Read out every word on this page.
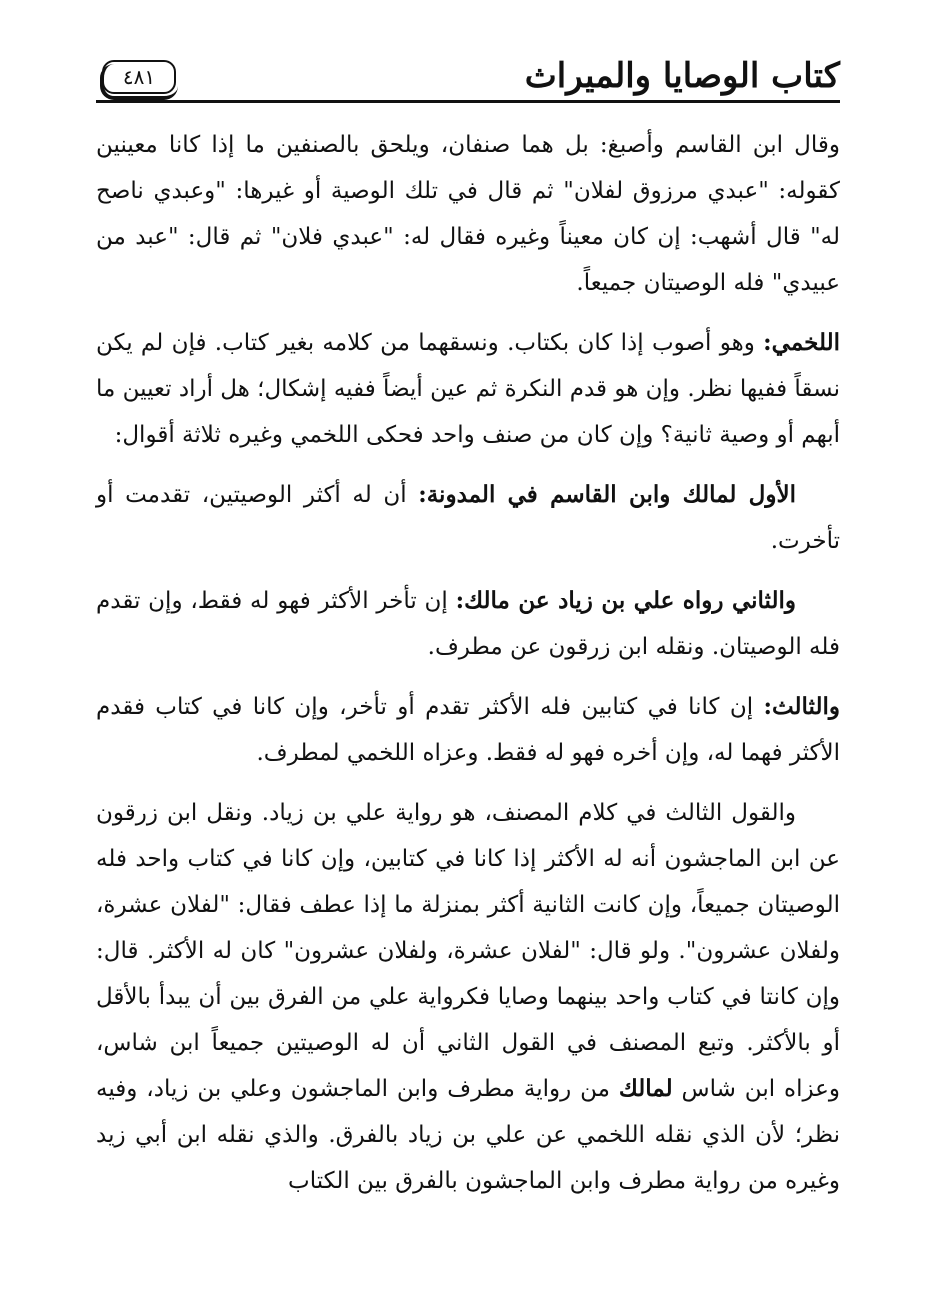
كتاب الوصايا والميراث
٤٨١

وقال ابن القاسم وأصبغ: بل هما صنفان، ويلحق بالصنفين ما إذا كانا معينين كقوله: "عبدي مرزوق لفلان" ثم قال في تلك الوصية أو غيرها: "وعبدي ناصح له" قال أشهب: إن كان معيناً وغيره فقال له: "عبدي فلان" ثم قال: "عبد من عبيدي" فله الوصيتان جميعاً.

اللخمي: وهو أصوب إذا كان بكتاب. ونسقهما من كلامه بغير كتاب. فإن لم يكن نسقاً ففيها نظر. وإن هو قدم النكرة ثم عين أيضاً ففيه إشكال؛ هل أراد تعيين ما أبهم أو وصية ثانية؟ وإن كان من صنف واحد فحكى اللخمي وغيره ثلاثة أقوال:

الأول لمالك وابن القاسم في المدونة: أن له أكثر الوصيتين، تقدمت أو تأخرت.

والثاني رواه علي بن زياد عن مالك: إن تأخر الأكثر فهو له فقط، وإن تقدم فله الوصيتان. ونقله ابن زرقون عن مطرف.

والثالث: إن كانا في كتابين فله الأكثر تقدم أو تأخر، وإن كانا في كتاب فقدم الأكثر فهما له، وإن أخره فهو له فقط. وعزاه اللخمي لمطرف.

والقول الثالث في كلام المصنف، هو رواية علي بن زياد. ونقل ابن زرقون عن ابن الماجشون أنه له الأكثر إذا كانا في كتابين، وإن كانا في كتاب واحد فله الوصيتان جميعاً، وإن كانت الثانية أكثر بمنزلة ما إذا عطف فقال: "لفلان عشرة، ولفلان عشرون". ولو قال: "لفلان عشرة، ولفلان عشرون" كان له الأكثر. قال: وإن كانتا في كتاب واحد بينهما وصايا فكرواية علي من الفرق بين أن يبدأ بالأقل أو بالأكثر. وتبع المصنف في القول الثاني أن له الوصيتين جميعاً ابن شاس، وعزاه ابن شاس لمالك من رواية مطرف وابن الماجشون وعلي بن زياد، وفيه نظر؛ لأن الذي نقله اللخمي عن علي بن زياد بالفرق. والذي نقله ابن أبي زيد وغيره من رواية مطرف وابن الماجشون بالفرق بين الكتاب
